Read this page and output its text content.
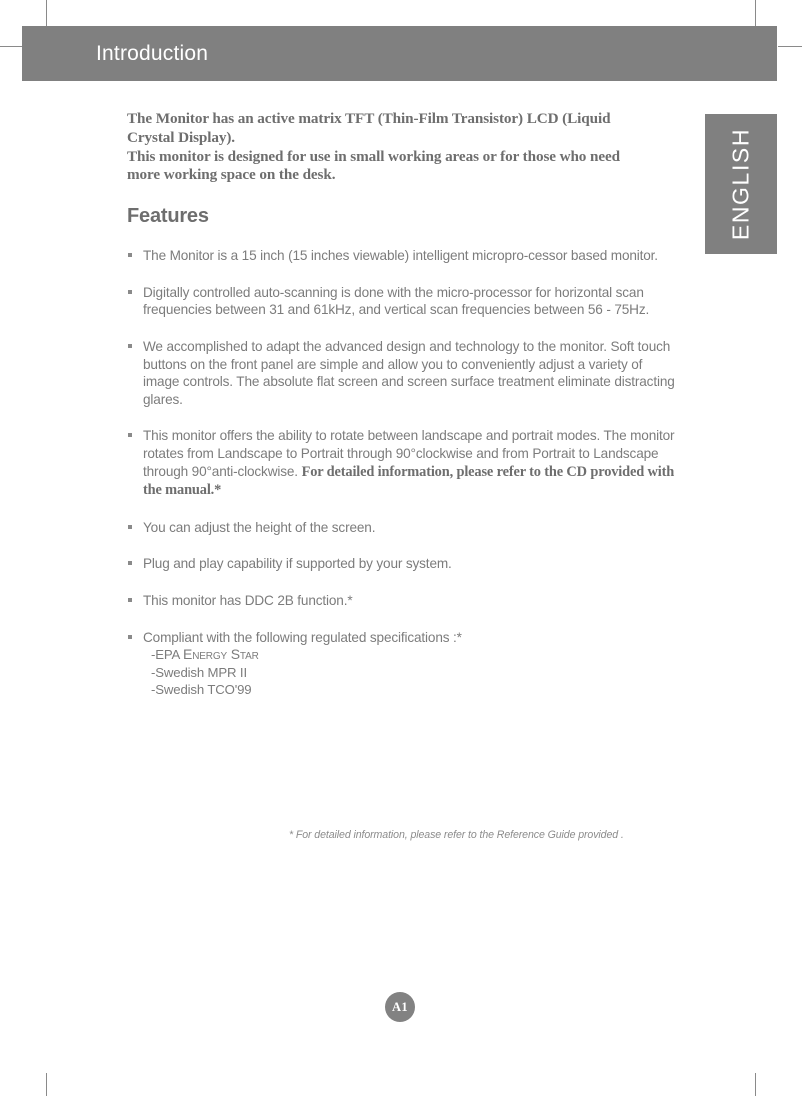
Introduction
ENGLISH

The Monitor has an active matrix TFT (Thin-Film Transistor) LCD (Liquid
Crystal Display).
This monitor is designed for use in small working areas or for those who need
more working space on the desk.

Features
The Monitor is a 15 inch (15 inches viewable) intelligent micropro-cessor based monitor.
Digitally controlled auto-scanning is done with the micro-processor for horizontal scan frequencies between 31 and 61kHz, and vertical scan frequencies between 56 - 75Hz.
We accomplished to adapt the advanced design and technology to the monitor. Soft touch buttons on the front panel are simple and allow you to conveniently adjust a variety of image controls. The absolute flat screen and screen surface treatment eliminate distracting glares.
This monitor offers the ability to rotate between landscape and portrait modes. The monitor rotates from Landscape to Portrait through 90°clockwise and from Portrait to Landscape through 90°anti-clockwise. For detailed information, please refer to the CD provided with the manual.*
You can adjust the height of the screen.
Plug and play capability if supported by your system.
This monitor has DDC 2B function.*
Compliant with the following regulated specifications :*
-EPA Energy Star
-Swedish MPR II
-Swedish TCO'99
* For detailed information, please refer to the Reference Guide provided .
A1
